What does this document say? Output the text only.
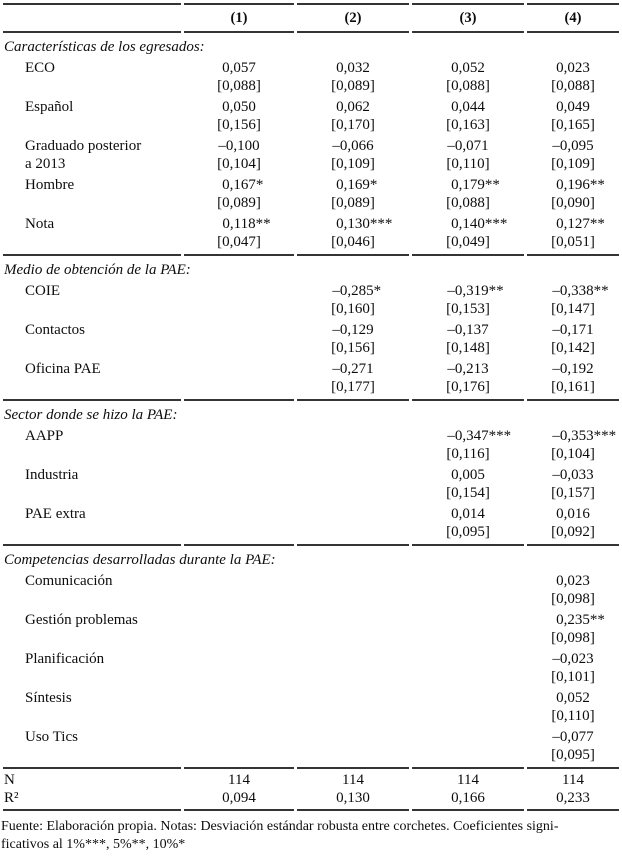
	(1)	(2)	(3)	(4)
Características de los egresados:				
ECO	0,057	0,032	0,052	0,023
	[0,088]	[0,089]	[0,088]	[0,088]
Español	0,050	0,062	0,044	0,049
	[0,156]	[0,170]	[0,163]	[0,165]
Graduado posterior	–0,100	–0,066	–0,071	–0,095
a 2013	[0,104]	[0,109]	[0,110]	[0,109]
Hombre	0,167 *	0,169 *	0,179 **	0,196 **

	[0,089]	[0,089]	[0,088]	[0,090]
Nota	0,118 **	0,130 ***	0,140 ***	0,127 **

	[0,047]	[0,046]	[0,049]	[0,051]
Medio de obtención de la PAE:				
COIE		–0,285 *	–0,319 **	–0,338 **

		[0,160]	[0,153]	[0,147]
Contactos		–0,129	–0,137	–0,171
		[0,156]	[0,148]	[0,142]
Oficina PAE		–0,271	–0,213	–0,192
		[0,177]	[0,176]	[0,161]
Sector donde se hizo la PAE:				
AAPP			–0,347 ***	–0,353 ***

			[0,116]	[0,104]
Industria			0,005	–0,033
			[0,154]	[0,157]
PAE extra			0,014	0,016
			[0,095]	[0,092]
Competencias desarrolladas durante la PAE:				
Comunicación				0,023
				[0,098]
Gestión problemas				0,235 **

				[0,098]
Planificación				–0,023
				[0,101]
Síntesis				0,052
				[0,110]
Uso Tics				–0,077
				[0,095]
N	114	114	114	114
R²	0,094	0,130	0,166	0,233
Fuente: Elaboración propia. Notas: Desviación estándar robusta entre corchetes. Coeficientes signi-
ficativos al 1%***, 5%**, 10%*
